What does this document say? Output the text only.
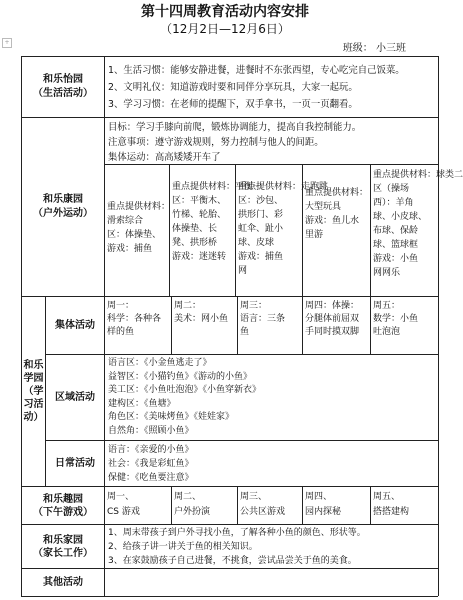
第十四周教育活动内容安排
（12月2日—12月6日）
+
班级： 小三班
和乐怡园
（生活活动）
1、生活习惯：能够安静进餐，进餐时不东张西望，专心吃完自己饭菜。
2、文明礼仪：知道游戏时要和同伴分享玩具，大家一起玩。
3、学习习惯：在老师的提醒下，双手拿书，一页一页翻看。
和乐康园
（户外运动）
目标：学习手膝向前爬，锻炼协调能力，提高自我控制能力。
注意事项：遵守游戏规则，努力控制与他人的间距。
集体运动：高高矮矮开车了
重点提供材料：
滑索综合
区：体操垫、
游戏：捕鱼
重点提供材料：平衡一
区：平衡木、
竹梯、轮胎、
体操垫、长
凳、拱形桥
游戏：迷迷转
重点提供材料：走跑跳
区：沙包、
拱形门、彩
虹伞、趾小
球、皮球
游戏：捕鱼
网
重点提供材料：
大型玩具
游戏：鱼儿水
里游
重点提供材料：球类二
区（操场
西）：羊角
球、小皮球、
布球、保龄
球、篮球框
游戏：小鱼
网网乐
和乐
学园
（学
习活
动）
集体活动
周一：
科学：各种各
样的鱼
周二：
美术：网小鱼
周三：
语言：三条
鱼
周四：体操：
分腿体前屈双
手同时摸双脚
周五：
数学：小鱼
吐泡泡
区域活动
语言区：《小金鱼逃走了》
益智区：《小猫钓鱼》《游动的小鱼》
美工区：《小鱼吐泡泡》《小鱼穿新衣》
建构区：《鱼塘》
角色区：《美味烤鱼》《娃娃家》
自然角：《照顾小鱼》
日常活动
语言：《亲爱的小鱼》
社会：《我是彩虹鱼》
保健：《吃鱼要注意》
和乐趣园
（下午游戏）
周一、
CS 游戏
周二、
户外扮演
周三、
公共区游戏
周四、
园内探秘
周五、
搭搭建构
和乐家园
（家长工作）
1、周末带孩子到户外寻找小鱼，了解各种小鱼的颜色、形状等。
2、给孩子讲一讲关于鱼的相关知识。
3、在家鼓励孩子自己进餐，不挑食，尝试品尝关于鱼的美食。
其他活动
